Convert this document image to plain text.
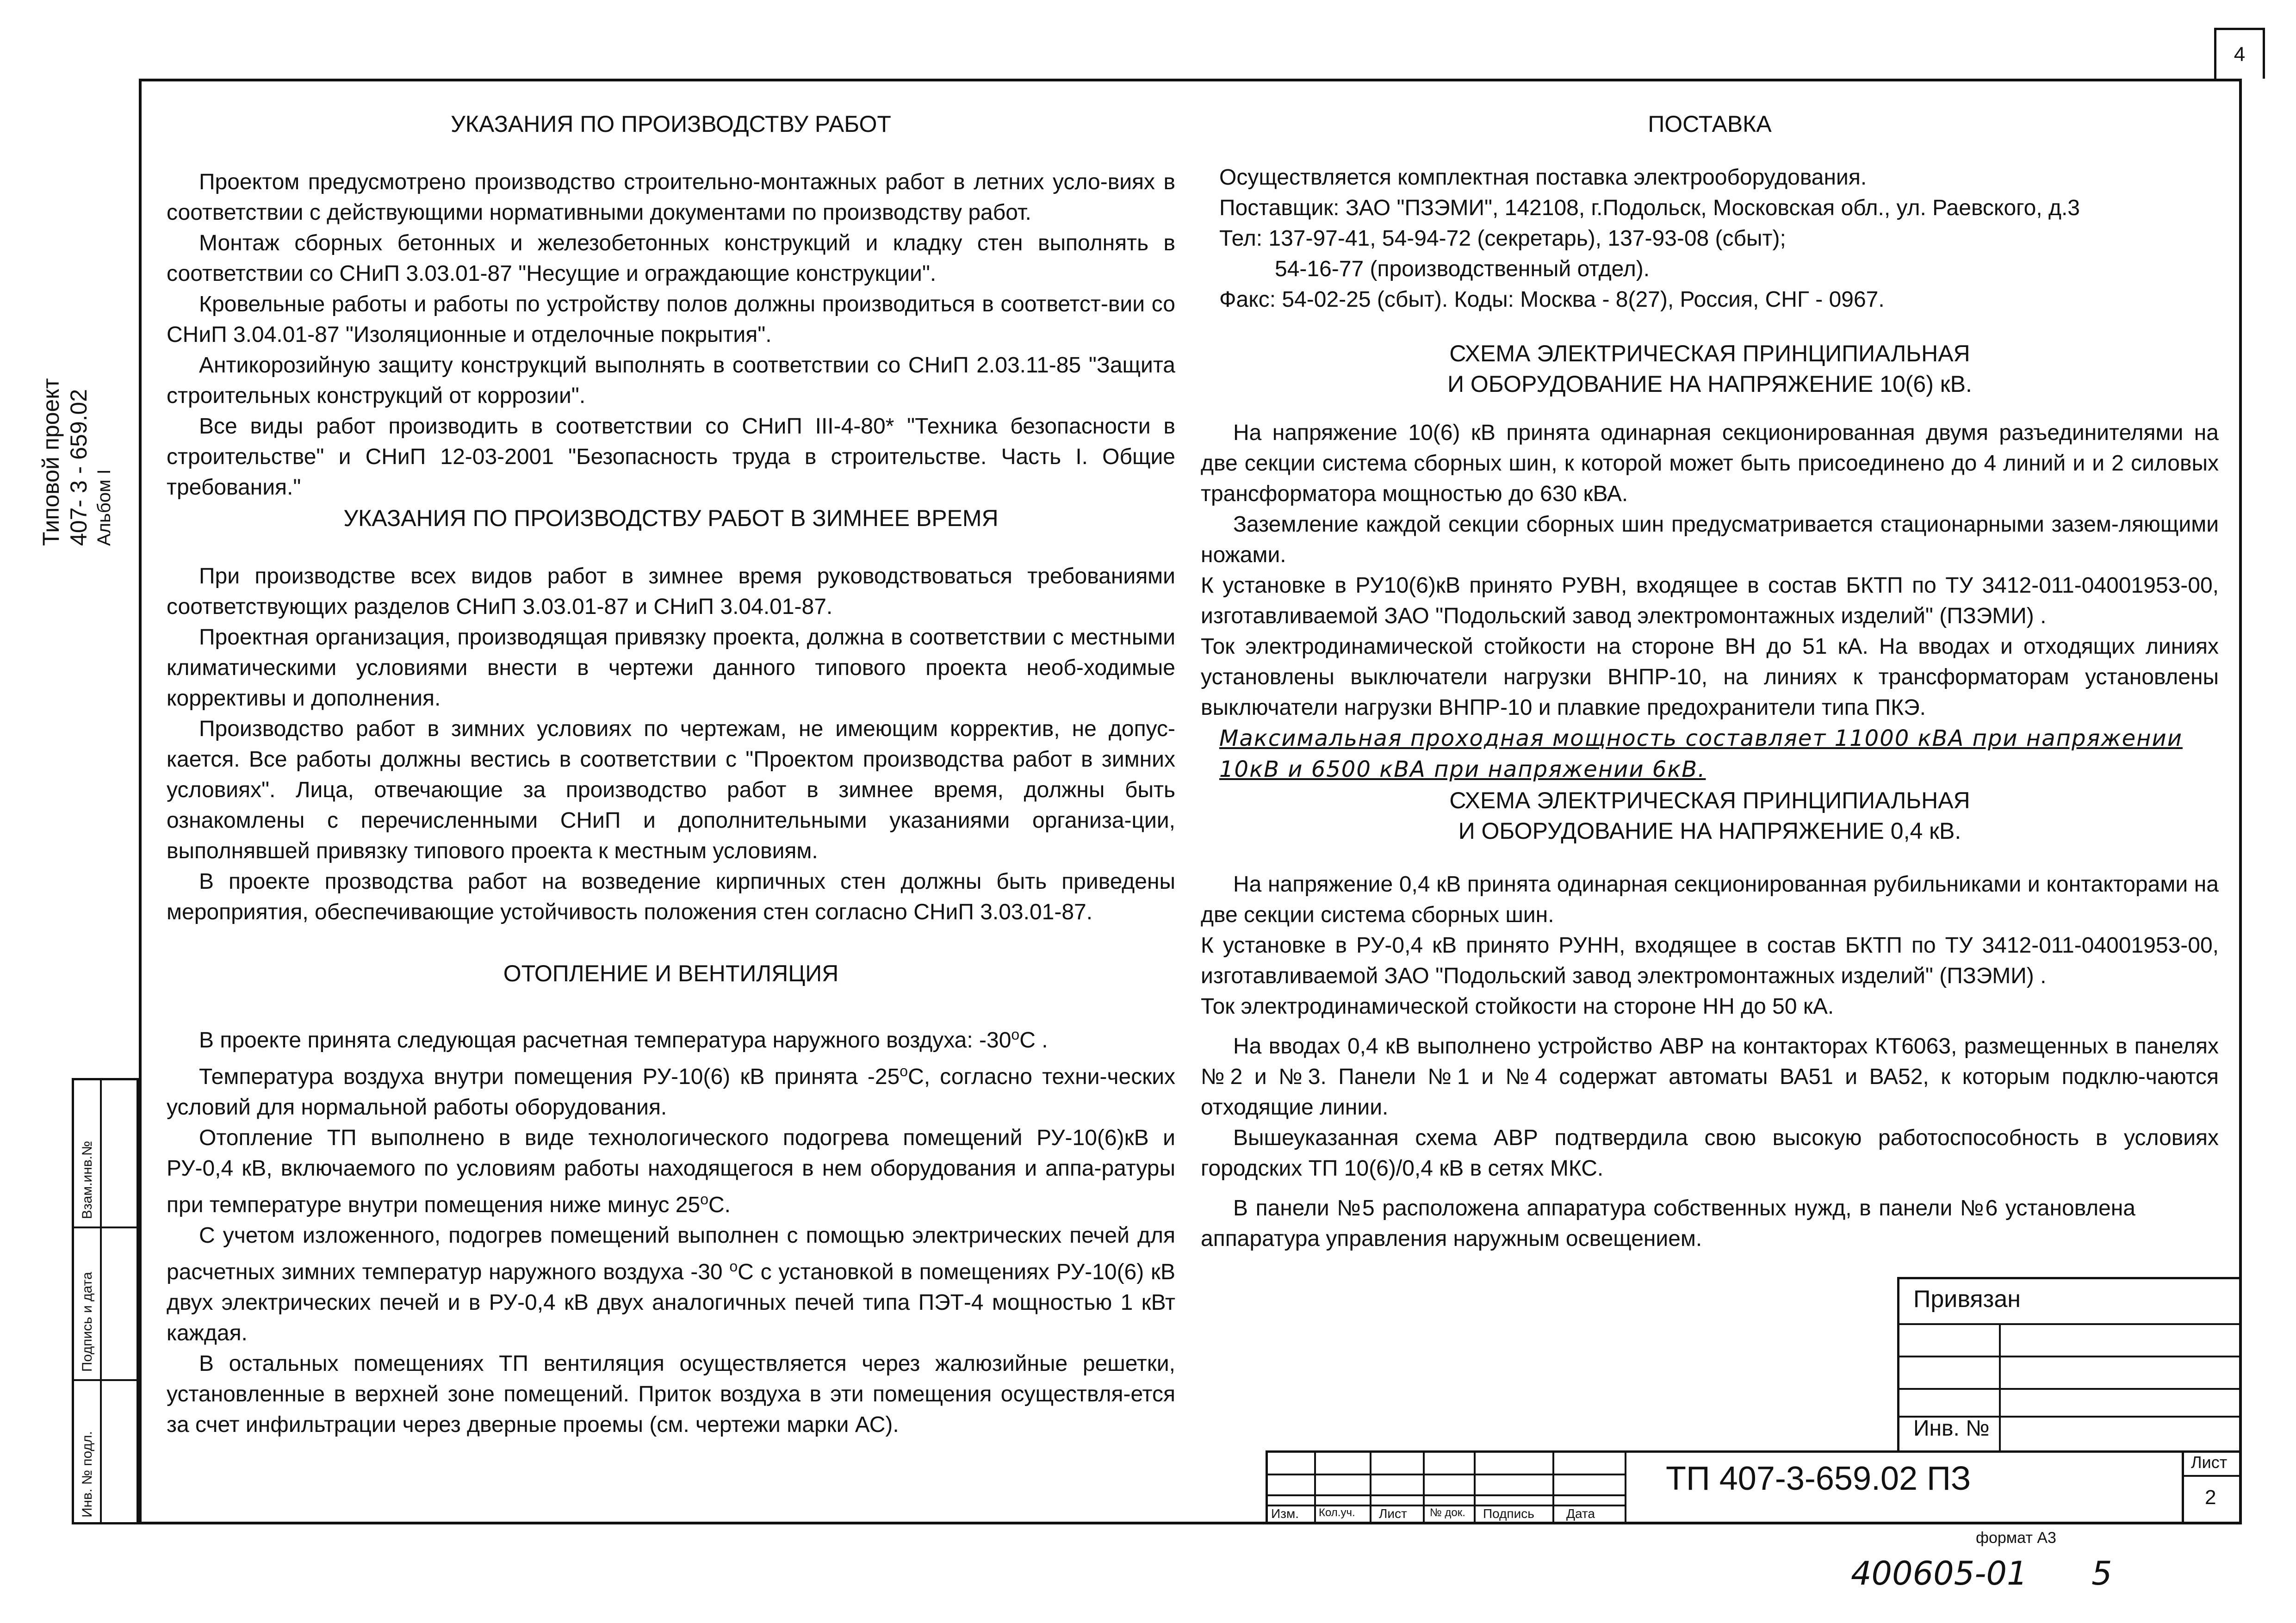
4
Типовой проект 407- 3 - 659.02 Альбом I
Взам.инв.№
Подпись и дата
Инв. № подл.

УКАЗАНИЯ ПО ПРОИЗВОДСТВУ РАБОТ

Проектом предусмотрено производство строительно-монтажных работ в летних усло-виях в соответствии с действующими нормативными документами по производству работ.

Монтаж сборных бетонных и железобетонных конструкций и кладку стен выполнять в соответствии со СНиП 3.03.01-87 "Несущие и ограждающие конструкции".

Кровельные работы и работы по устройству полов должны производиться в соответст-вии со СНиП 3.04.01-87 "Изоляционные и отделочные покрытия".

Антикорозийную защиту конструкций выполнять в соответствии со СНиП 2.03.11-85 "Защита строительных конструкций от коррозии".

Все виды работ производить в соответствии со СНиП III-4-80* "Техника безопасности в строительстве" и СНиП 12-03-2001 "Безопасность труда в строительстве. Часть I. Общие требования."

УКАЗАНИЯ ПО ПРОИЗВОДСТВУ РАБОТ В ЗИМНЕЕ ВРЕМЯ

При производстве всех видов работ в зимнее время руководствоваться требованиями соответствующих разделов СНиП 3.03.01-87 и СНиП 3.04.01-87.

Проектная организация, производящая привязку проекта, должна в соответствии с местными климатическими условиями внести в чертежи данного типового проекта необ-ходимые коррективы и дополнения.

Производство работ в зимних условиях по чертежам, не имеющим корректив, не допус-кается. Все работы должны вестись в соответствии с "Проектом производства работ в зимних условиях". Лица, отвечающие за производство работ в зимнее время, должны быть ознакомлены с перечисленными СНиП и дополнительными указаниями организа-ции, выполнявшей привязку типового проекта к местным условиям.

В проекте прозводства работ на возведение кирпичных стен должны быть приведены мероприятия, обеспечивающие устойчивость положения стен согласно СНиП 3.03.01-87.

ОТОПЛЕНИЕ И ВЕНТИЛЯЦИЯ

В проекте принята следующая расчетная температура наружного воздуха: -30$^o$С .

Температура воздуха внутри помещения РУ-10(6) кВ принята -25$^o$С, согласно техни-ческих условий для нормальной работы оборудования.

Отопление ТП выполнено в виде технологического подогрева помещений РУ-10(6)кВ и РУ-0,4 кВ, включаемого по условиям работы находящегося в нем оборудования и аппа-ратуры при температуре внутри помещения ниже минус 25$^o$С.

С учетом изложенного, подогрев помещений выполнен с помощью электрических печей для расчетных зимних температур наружного воздуха -30 $^o$С с установкой в помещениях РУ-10(6) кВ двух электрических печей и в РУ-0,4 кВ двух аналогичных печей типа ПЭТ-4 мощностью 1 кВт каждая.

В остальных помещениях ТП вентиляция осуществляется через жалюзийные решетки, установленные в верхней зоне помещений. Приток воздуха в эти помещения осуществля-ется за счет инфильтрации через дверные проемы (см. чертежи марки АС).

ПОСТАВКА

Осуществляется комплектная поставка электрооборудования.

Поставщик: ЗАО "ПЗЭМИ", 142108, г.Подольск, Московская обл., ул. Раевского, д.3

Тел: 137-97-41, 54-94-72 (секретарь), 137-93-08 (сбыт);

54-16-77 (производственный отдел).

Факс: 54-02-25 (сбыт). Коды: Москва - 8(27), Россия, СНГ - 0967.

СХЕМА ЭЛЕКТРИЧЕСКАЯ ПРИНЦИПИАЛЬНАЯ

И ОБОРУДОВАНИЕ НА НАПРЯЖЕНИЕ 10(6) кВ.

На напряжение 10(6) кВ принята одинарная секционированная двумя разъединителями на две секции система сборных шин, к которой может быть присоединено до 4 линий и и 2 силовых трансформатора мощностью до 630 кВА.

Заземление каждой секции сборных шин предусматривается стационарными зазем-ляющими ножами.

К установке в РУ10(6)кВ принято РУВН, входящее в состав БКТП по ТУ 3412-011-04001953-00, изготавливаемой ЗАО "Подольский завод электромонтажных изделий" (ПЗЭМИ) .

Ток электродинамической стойкости на стороне ВН до 51 кА. На вводах и отходящих линиях установлены выключатели нагрузки ВНПР-10, на линиях к трансформаторам установлены выключатели нагрузки ВНПР-10 и плавкие предохранители типа ПКЭ.

Максимальная проходная мощность составляет 11000 кВА при напряжении

10кВ и 6500 кВА при напряжении 6кВ.

СХЕМА ЭЛЕКТРИЧЕСКАЯ ПРИНЦИПИАЛЬНАЯ

И ОБОРУДОВАНИЕ НА НАПРЯЖЕНИЕ 0,4 кВ.

На напряжение 0,4 кВ принята одинарная секционированная рубильниками и контакторами на две секции система сборных шин.

К установке в РУ-0,4 кВ принято РУНН, входящее в состав БКТП по ТУ 3412-011-04001953-00, изготавливаемой ЗАО "Подольский завод электромонтажных изделий" (ПЗЭМИ) .

Ток электродинамической стойкости на стороне НН до 50 кА.

На вводах 0,4 кВ выполнено устройство АВР на контакторах КТ6063, размещенных в панелях №2 и №3. Панели №1 и №4 содержат автоматы ВА51 и ВА52, к которым подклю-чаются отходящие линии.

Вышеуказанная схема АВР подтвердила свою высокую работоспособность в условиях городских ТП 10(6)/0,4 кВ в сетях МКС.

В панели №5 расположена аппаратура собственных нужд, в панели №6 установлена аппаратура управления наружным освещением.

Привязан
Инв. №
Изм. Кол.уч. Лист № док. Подпись Дата
ТП 407-3-659.02 ПЗ	Лист
2
формат А3
400605-01 5
